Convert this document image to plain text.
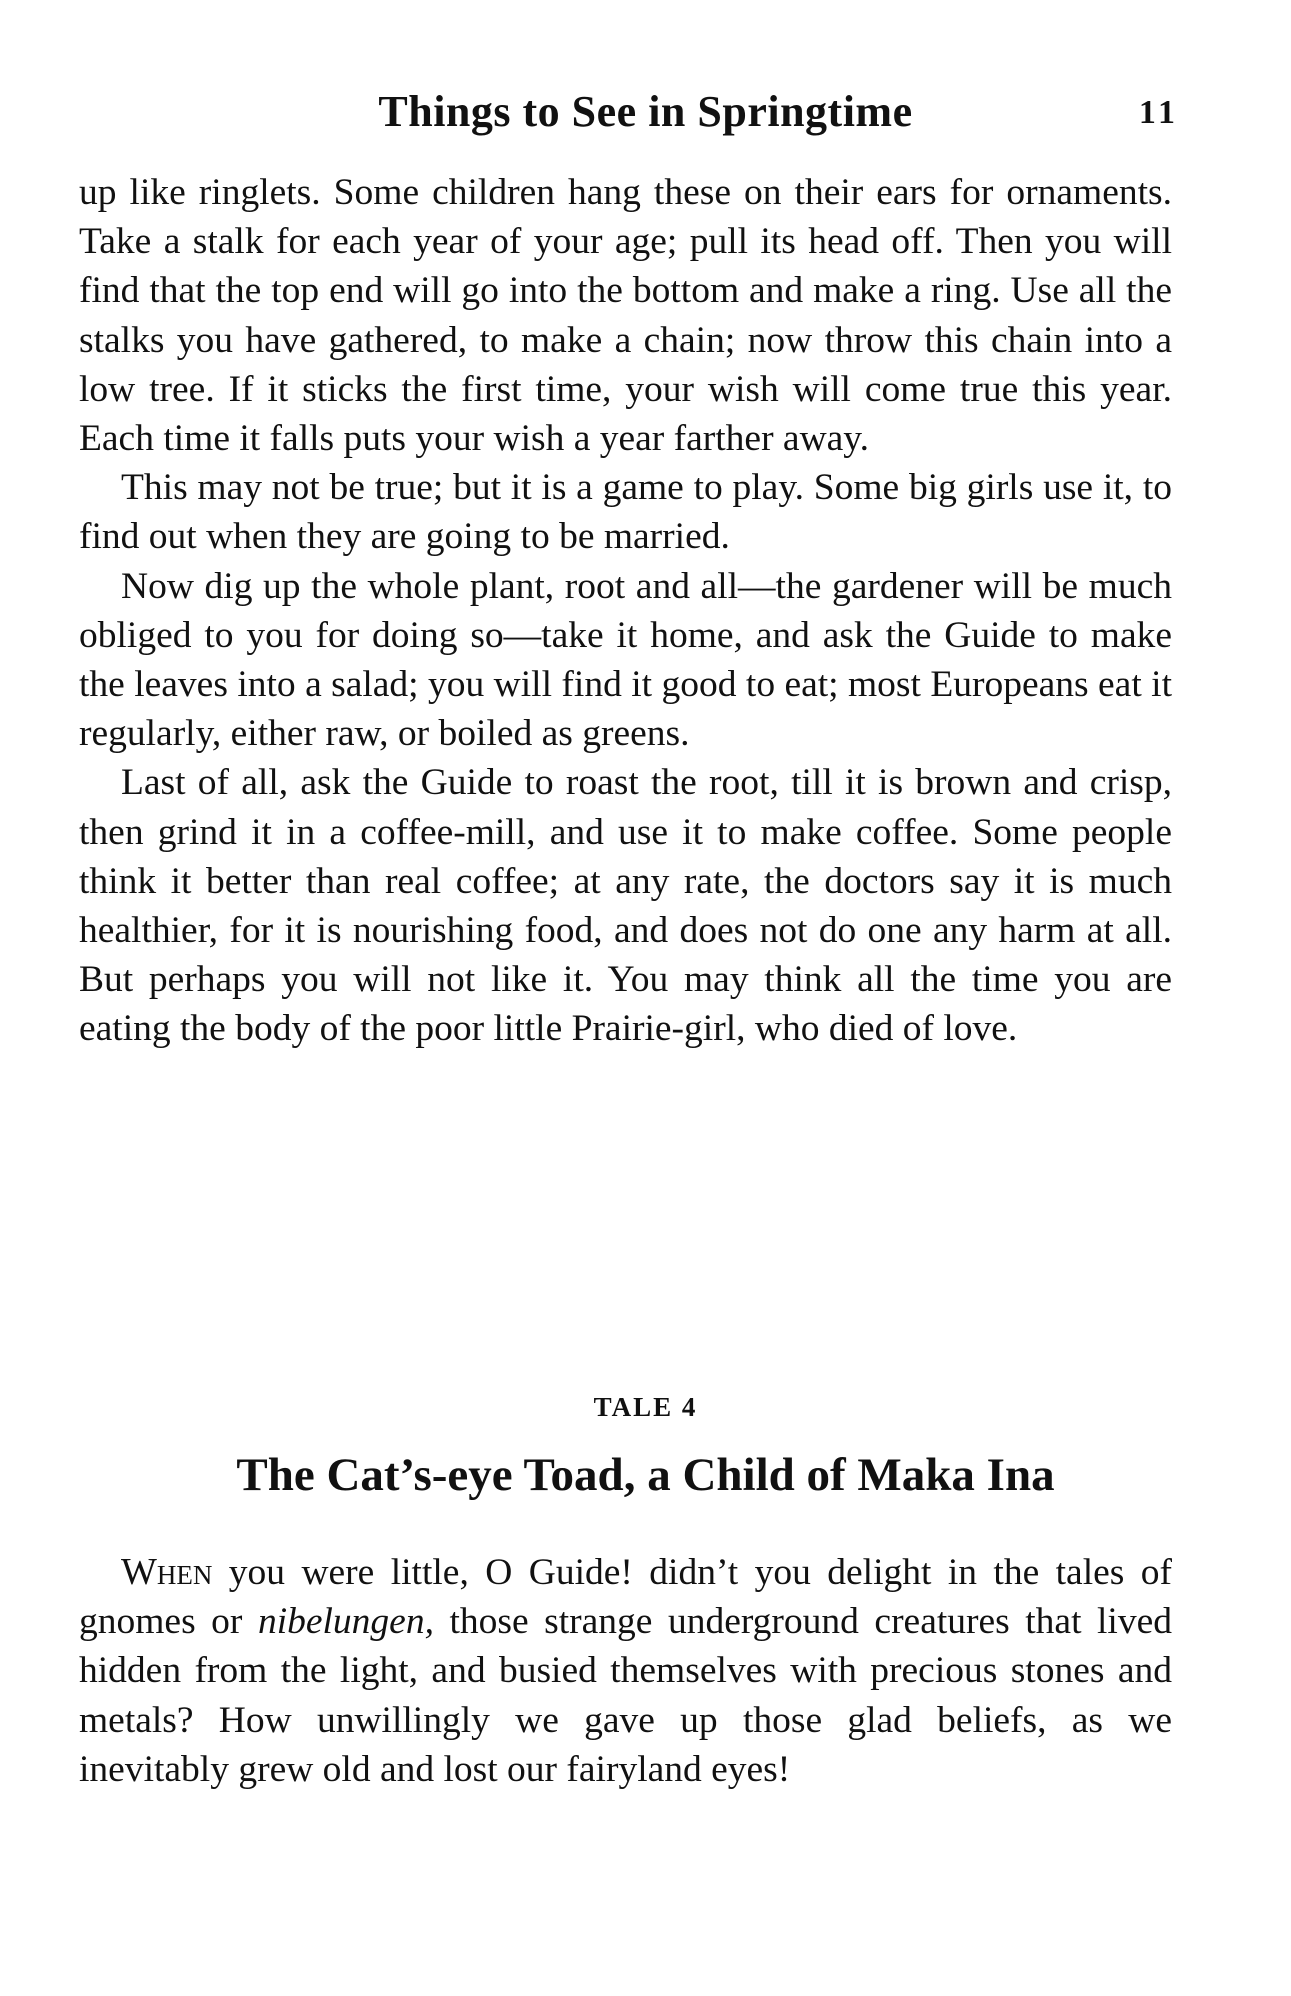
Things to See in Springtime	11

up like ringlets. Some children hang these on their ears for ornaments. Take a stalk for each year of your age; pull its head off. Then you will find that the top end will go into the bottom and make a ring. Use all the stalks you have gathered, to make a chain; now throw this chain into a low tree. If it sticks the first time, your wish will come true this year. Each time it falls puts your wish a year farther away.

This may not be true; but it is a game to play. Some big girls use it, to find out when they are going to be married.

Now dig up the whole plant, root and all—the gardener will be much obliged to you for doing so—take it home, and ask the Guide to make the leaves into a salad; you will find it good to eat; most Europeans eat it regularly, either raw, or boiled as greens.

Last of all, ask the Guide to roast the root, till it is brown and crisp, then grind it in a coffee-mill, and use it to make coffee. Some people think it better than real coffee; at any rate, the doctors say it is much healthier, for it is nourishing food, and does not do one any harm at all. But perhaps you will not like it. You may think all the time you are eating the body of the poor little Prairie-girl, who died of love.

TALE 4
The Cat’s-eye Toad, a Child of Maka Ina

When you were little, O Guide! didn’t you delight in the tales of gnomes or nibelungen, those strange underground creatures that lived hidden from the light, and busied themselves with precious stones and metals? How unwillingly we gave up those glad beliefs, as we inevitably grew old and lost our fairyland eyes!
